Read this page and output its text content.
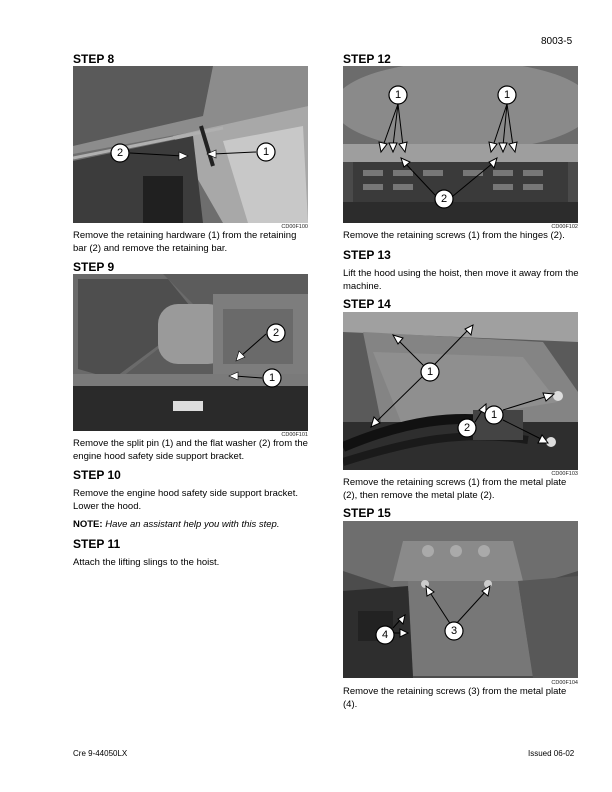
8003-5
STEP 8
2	1
CD00F100
Remove the retaining hardware (1) from the retaining bar (2) and remove the retaining bar.
STEP 9
2
1
CD00F101
Remove the split pin (1) and the flat washer (2) from the engine hood safety side support bracket.
STEP 10
Remove the engine hood safety side support bracket. Lower the hood.
NOTE: Have an assistant help you with this step.
STEP 11
Attach the lifting slings to the hoist.
STEP 12
1	1
2
CD00F102
Remove the retaining screws (1) from the hinges (2).
STEP 13
Lift the hood using the hoist, then move it away from the machine.
STEP 14
1
2
1
CD00F103
Remove the retaining screws (1) from the metal plate (2), then remove the metal plate (2).
STEP 15
3
4
CD00F104
Remove the retaining screws (3) from the metal plate (4).
Cre 9-44050LX	Issued 06-02
